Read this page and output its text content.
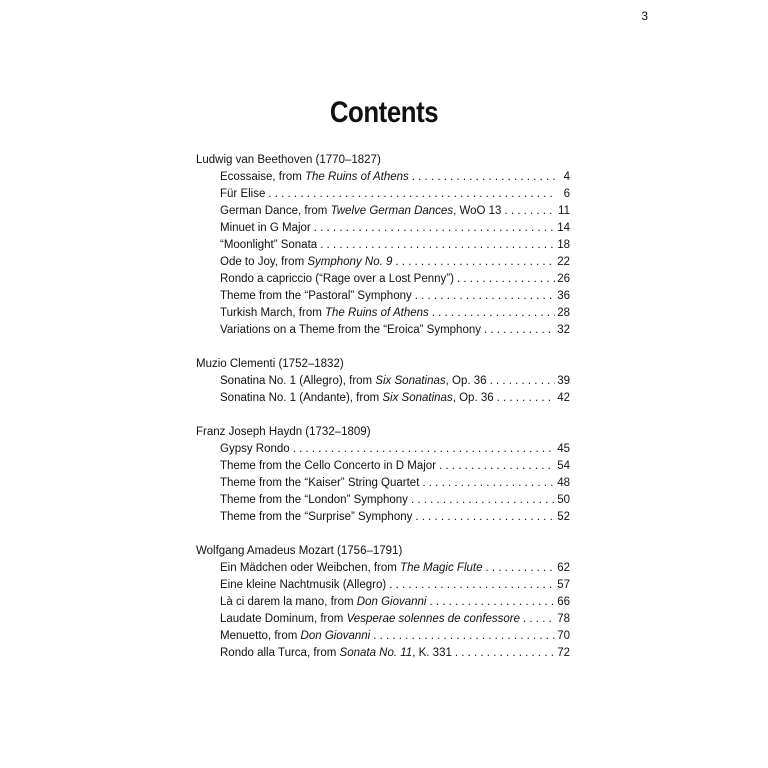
3
Contents
Ludwig van Beethoven (1770–1827)
Ecossaise, from The Ruins of Athens . . .	4
Für Elise . . .	6
German Dance, from Twelve German Dances, WoO 13 . . .	11
Minuet in G Major . . .	14
“Moonlight” Sonata . . .	18
Ode to Joy, from Symphony No. 9 . . .	22
Rondo a capriccio (“Rage over a Lost Penny”) . . .	26
Theme from the “Pastoral” Symphony . . .	36
Turkish March, from The Ruins of Athens . . .	28
Variations on a Theme from the “Eroica” Symphony . . .	32
Muzio Clementi (1752–1832)
Sonatina No. 1 (Allegro), from Six Sonatinas, Op. 36 . . .	39
Sonatina No. 1 (Andante), from Six Sonatinas, Op. 36 . . .	42
Franz Joseph Haydn (1732–1809)
Gypsy Rondo . . .	45
Theme from the Cello Concerto in D Major . . .	54
Theme from the “Kaiser” String Quartet . . .	48
Theme from the “London” Symphony . . .	50
Theme from the “Surprise” Symphony . . .	52
Wolfgang Amadeus Mozart (1756–1791)
Ein Mädchen oder Weibchen, from The Magic Flute . . .	62
Eine kleine Nachtmusik (Allegro) . . .	57
Là ci darem la mano, from Don Giovanni . . .	66
Laudate Dominum, from Vesperae solennes de confessore . . .	78
Menuetto, from Don Giovanni . . .	70
Rondo alla Turca, from Sonata No. 11, K. 331 . . .	72
